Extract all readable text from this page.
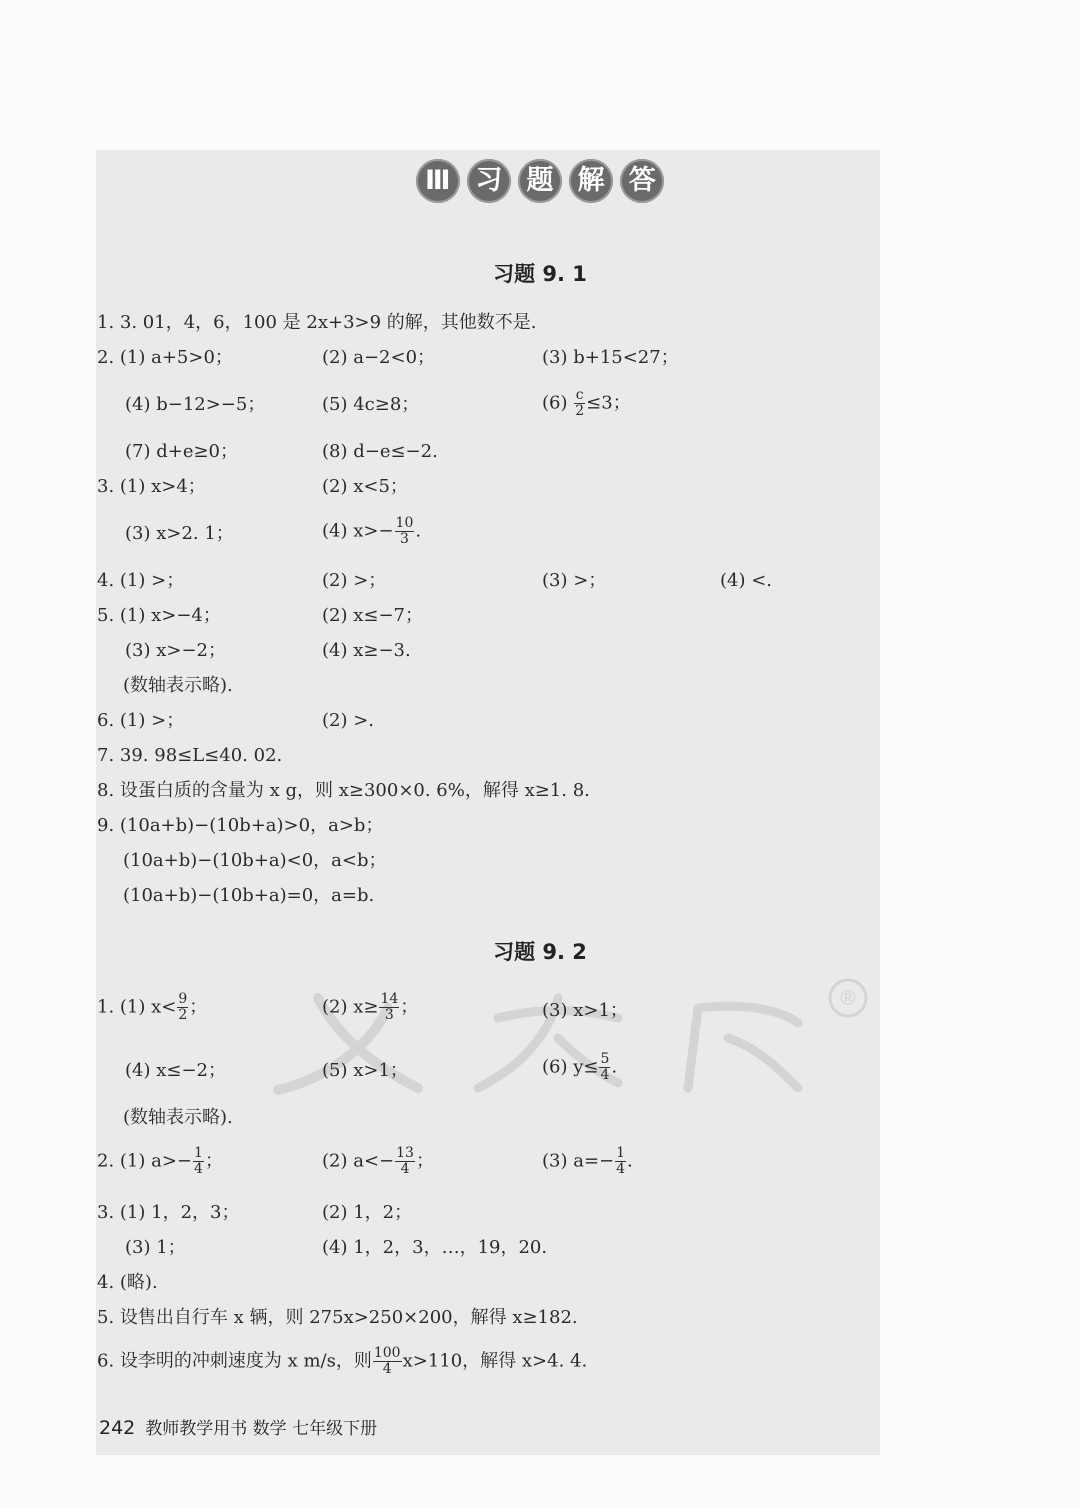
®
Ⅲ 习 题 解 答
习题 9. 1
1. 3. 01，4，6，100 是 2x+3>9 的解，其他数不是.
2. (1) a+5>0；	(2) a−2<0；	(3) b+15<27；
(4) b−12>−5；	(5) 4c≥8；	$(6) \frac{c}{2} \le 3$；
(7) d+e≥0；	(8) d−e≤−2.
3. (1) x>4；	(2) x<5；
(3) x>2. 1；	(4) $x>- \frac{10}{3}$ .
4. (1) >；	(2) >；	(3) >；	(4) <.
5. (1) x>−4；	(2) x≤−7；
(3) x>−2；	(4) x≥−3.
(数轴表示略).
6. (1) >；	(2) >.
7. 39. 98≤L≤40. 02.
8. 设蛋白质的含量为 x g，则 x≥300×0. 6%，解得 x≥1. 8.
9. (10a+b)−(10b+a)>0，a>b；
(10a+b)−(10b+a)<0，a<b；
(10a+b)−(10b+a)=0，a=b.
习题 9. 2
1. (1) $x< \frac{9}{2}$ ；	(2) $x\ge \frac{14}{3}$ ；	(3) x>1；
(4) x≤−2；	(5) x>1；	(6) $y\le \frac{5}{4}$ .
(数轴表示略).
2. (1) $a>- \frac{1}{4}$ ；	(2) $a<- \frac{13}{4}$ ；	(3) $a=- \frac{1}{4}$ .
3. (1) 1，2，3；	(2) 1，2；
(3) 1；	(4) 1，2，3，…，19，20.
4. (略).
5. 设售出自行车 x 辆，则 275x>250×200，解得 x≥182.
6. 设李明的冲刺速度为 x m/s，则 $\frac{100}{4} x>110$，解得 x>4. 4.
242 教师教学用书 数学 七年级下册
